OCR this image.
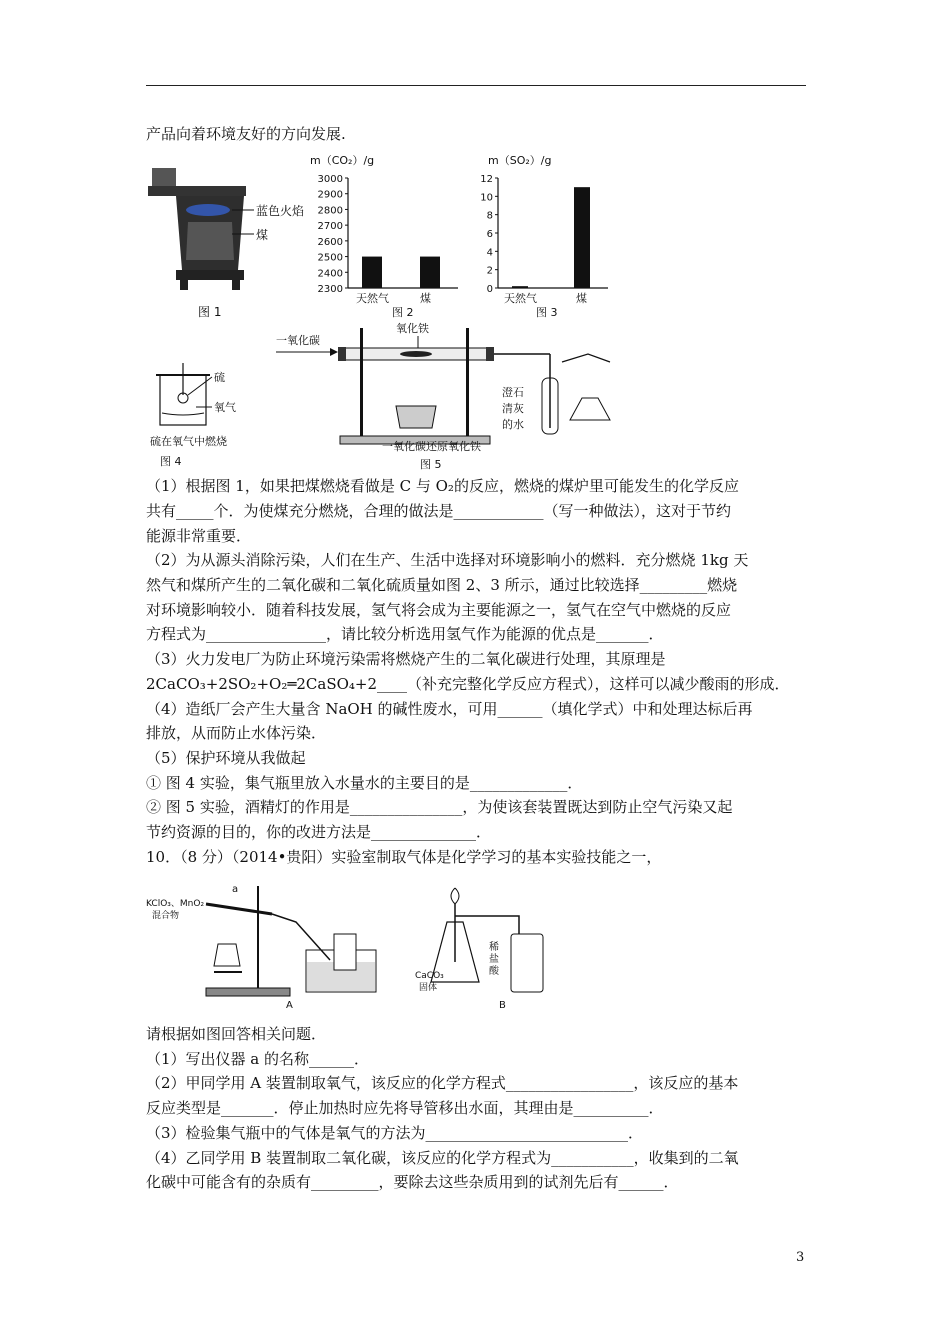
产品向着环境友好的方向发展.
蓝色火焰
煤
图 1
m（CO₂）/g
3000
2900
2800
2700
2600
2500
2400
2300
天然气	煤
图 2
m（SO₂）/g
12
10
8
6
4
2
0
天然气	煤
图 3
硫
氧气
硫在氧气中燃烧
图 4
一氧化碳
氧化铁
澄石
清灰
的水
一氧化碳还原氧化铁
图 5
（1）根据图 1，如果把煤燃烧看做是 C 与 O₂的反应，燃烧的煤炉里可能发生的化学反应
共有_____个．为使煤充分燃烧，合理的做法是____________（写一种做法），这对于节约
能源非常重要．
（2）为从源头消除污染，人们在生产、生活中选择对环境影响小的燃料．充分燃烧 1kg 天
然气和煤所产生的二氧化碳和二氧化硫质量如图 2、3 所示，通过比较选择_________燃烧
对环境影响较小．随着科技发展，氢气将会成为主要能源之一，氢气在空气中燃烧的反应
方程式为________________，请比较分析选用氢气作为能源的优点是_______．
（3）火力发电厂为防止环境污染需将燃烧产生的二氧化碳进行处理，其原理是
2CaCO₃+2SO₂+O₂═2CaSO₄+2____（补充完整化学反应方程式），这样可以减少酸雨的形成．
（4）造纸厂会产生大量含 NaOH 的碱性废水，可用______（填化学式）中和处理达标后再
排放，从而防止水体污染．
（5）保护环境从我做起
① 图 4 实验，集气瓶里放入水量水的主要目的是_____________．
② 图 5 实验，酒精灯的作用是_______________，为使该套装置既达到防止空气污染又起
节约资源的目的，你的改进方法是______________．
10．（8 分）（2014•贵阳）实验室制取气体是化学学习的基本实验技能之一，
KClO₃、MnO₂
混合物
a
A
稀
盐
酸
CaCO₃
固体
B
请根据如图回答相关问题．
（1）写出仪器 a 的名称______．
（2）甲同学用 A 装置制取氧气，该反应的化学方程式_________________，该反应的基本
反应类型是_______．停止加热时应先将导管移出水面，其理由是__________．
（3）检验集气瓶中的气体是氧气的方法为___________________________．
（4）乙同学用 B 装置制取二氧化碳，该反应的化学方程式为___________，收集到的二氧
化碳中可能含有的杂质有_________，要除去这些杂质用到的试剂先后有______．
3
